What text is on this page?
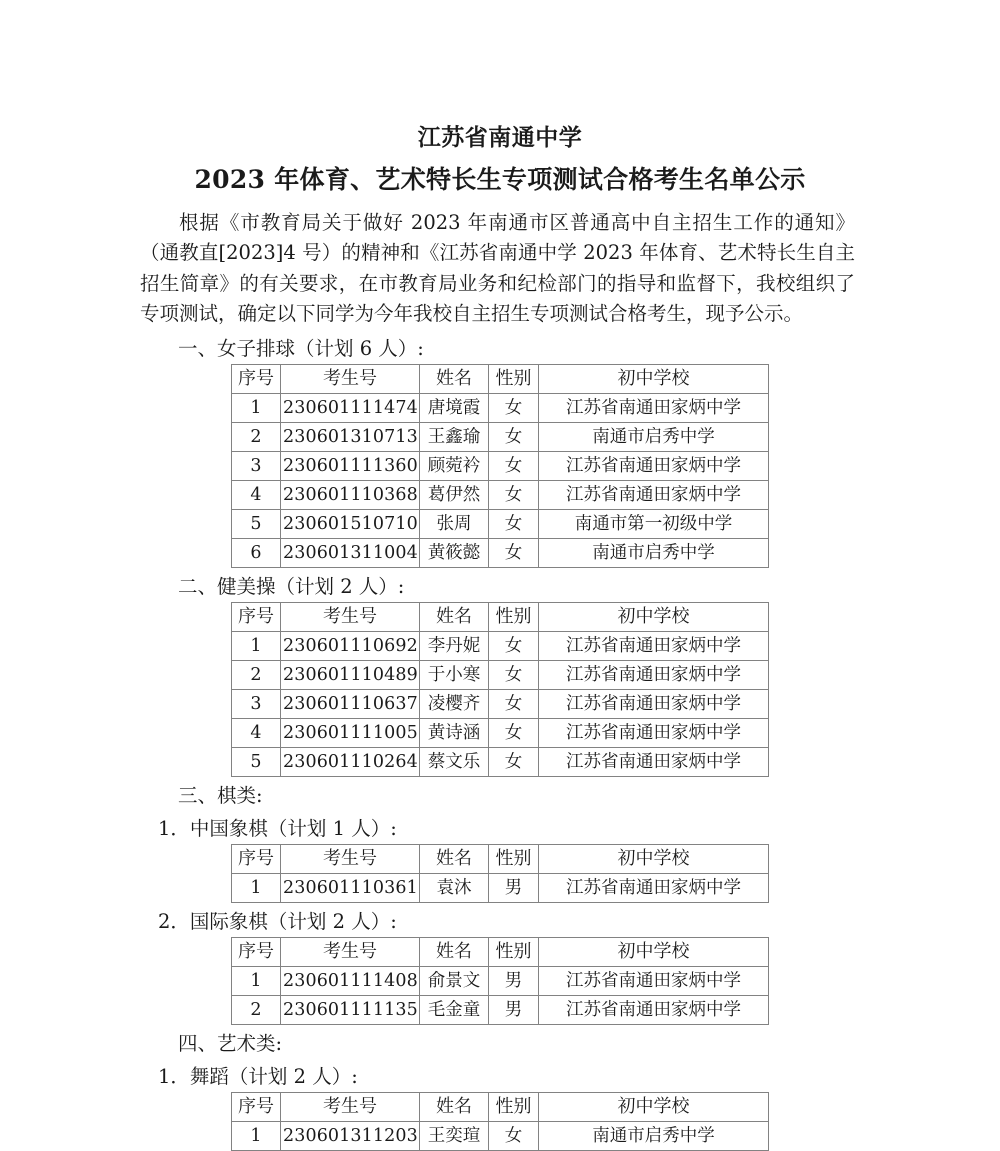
江苏省南通中学
2023 年体育、艺术特长生专项测试合格考生名单公示

根据《市教育局关于做好 2023 年南通市区普通高中自主招生工作的通知》（通教直[2023]4 号）的精神和《江苏省南通中学 2023 年体育、艺术特长生自主招生简章》的有关要求，在市教育局业务和纪检部门的指导和监督下，我校组织了专项测试，确定以下同学为今年我校自主招生专项测试合格考生，现予公示。

一、女子排球（计划 6 人）:
序号	考生号	姓名	性别	初中学校
1	230601111474	唐境霞	女	江苏省南通田家炳中学
2	230601310713	王鑫瑜	女	南通市启秀中学
3	230601111360	顾菀衿	女	江苏省南通田家炳中学
4	230601110368	葛伊然	女	江苏省南通田家炳中学
5	230601510710	张周	女	南通市第一初级中学
6	230601311004	黄筱懿	女	南通市启秀中学
二、健美操（计划 2 人）:
序号	考生号	姓名	性别	初中学校
1	230601110692	李丹妮	女	江苏省南通田家炳中学
2	230601110489	于小寒	女	江苏省南通田家炳中学
3	230601110637	凌樱齐	女	江苏省南通田家炳中学
4	230601111005	黄诗涵	女	江苏省南通田家炳中学
5	230601110264	蔡文乐	女	江苏省南通田家炳中学
三、棋类:
1．中国象棋（计划 1 人）:
序号	考生号	姓名	性别	初中学校
1	230601110361	袁沐	男	江苏省南通田家炳中学
2．国际象棋（计划 2 人）:
序号	考生号	姓名	性别	初中学校
1	230601111408	俞景文	男	江苏省南通田家炳中学
2	230601111135	毛金童	男	江苏省南通田家炳中学
四、艺术类:
1．舞蹈（计划 2 人）:
序号	考生号	姓名	性别	初中学校
1	230601311203	王奕瑄	女	南通市启秀中学
